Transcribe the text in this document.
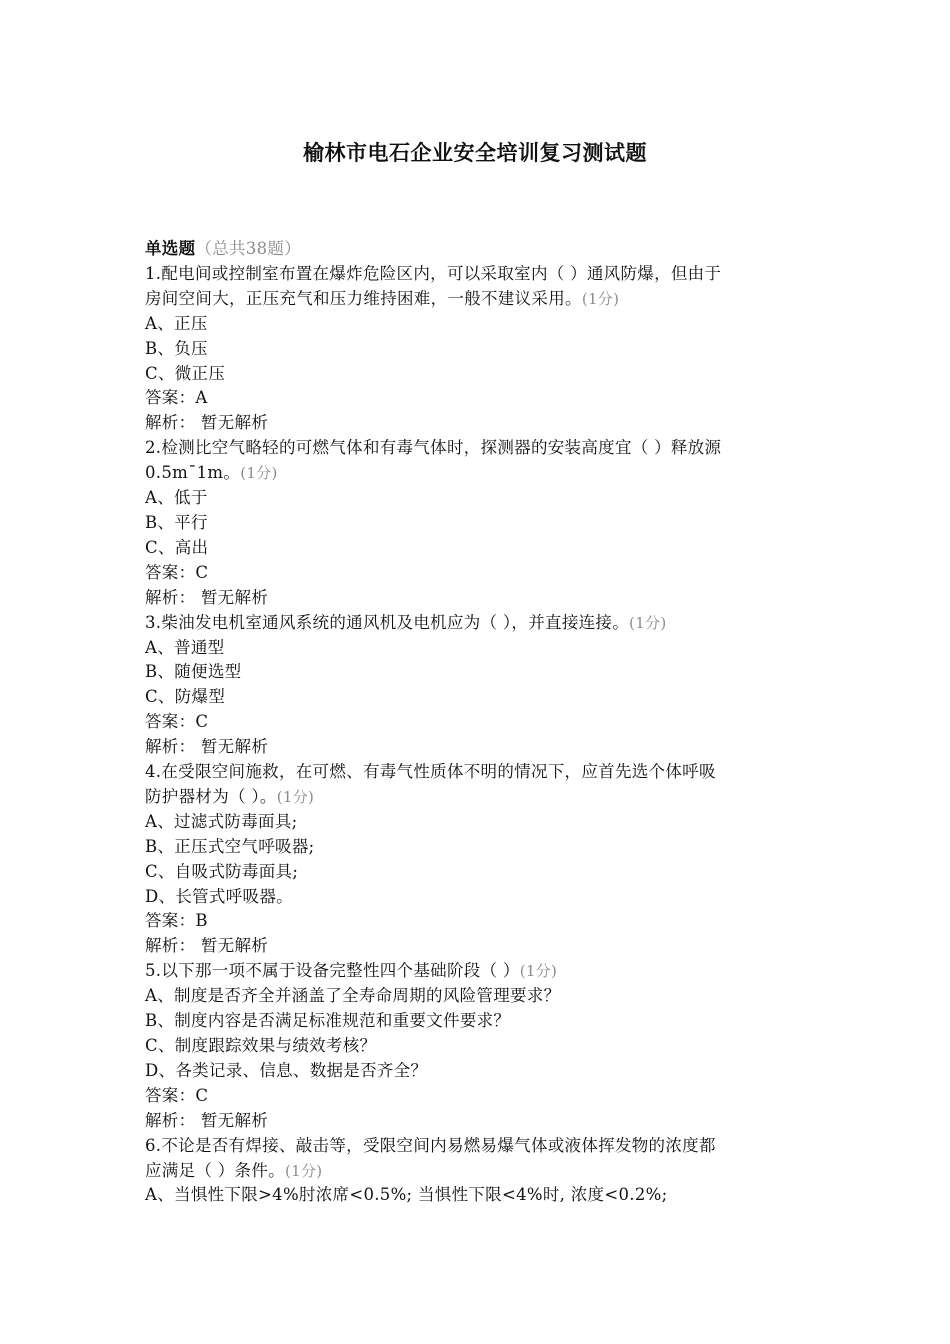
榆林市电石企业安全培训复习测试题
单选题（总共38题）
1.配电间或控制室布置在爆炸危险区内，可以采取室内（ ）通风防爆，但由于
房间空间大，正压充气和压力维持困难，一般不建议采用。(1分)
A、正压
B、负压
C、微正压
答案：A
解析： 暂无解析
2.检测比空气略轻的可燃气体和有毒气体时，探测器的安装高度宜（ ）释放源
0.5m¯1m。(1分)
A、低于
B、平行
C、高出
答案：C
解析： 暂无解析
3.柴油发电机室通风系统的通风机及电机应为（ ），并直接连接。(1分)
A、普通型
B、随便选型
C、防爆型
答案：C
解析： 暂无解析
4.在受限空间施救，在可燃、有毒气性质体不明的情况下，应首先选个体呼吸
防护器材为（ ）。(1分)
A、过滤式防毒面具;
B、正压式空气呼吸器;
C、自吸式防毒面具;
D、长管式呼吸器。
答案：B
解析： 暂无解析
5.以下那一项不属于设备完整性四个基础阶段（ ）(1分)
A、制度是否齐全并涵盖了全寿命周期的风险管理要求？
B、制度内容是否满足标准规范和重要文件要求？
C、制度跟踪效果与绩效考核？
D、各类记录、信息、数据是否齐全？
答案：C
解析： 暂无解析
6.不论是否有焊接、敲击等，受限空间内易燃易爆气体或液体挥发物的浓度都
应满足（ ）条件。(1分)
A、当惧性下限>4%肘浓席<0.5%; 当惧性下限<4%时, 浓度<0.2%;
